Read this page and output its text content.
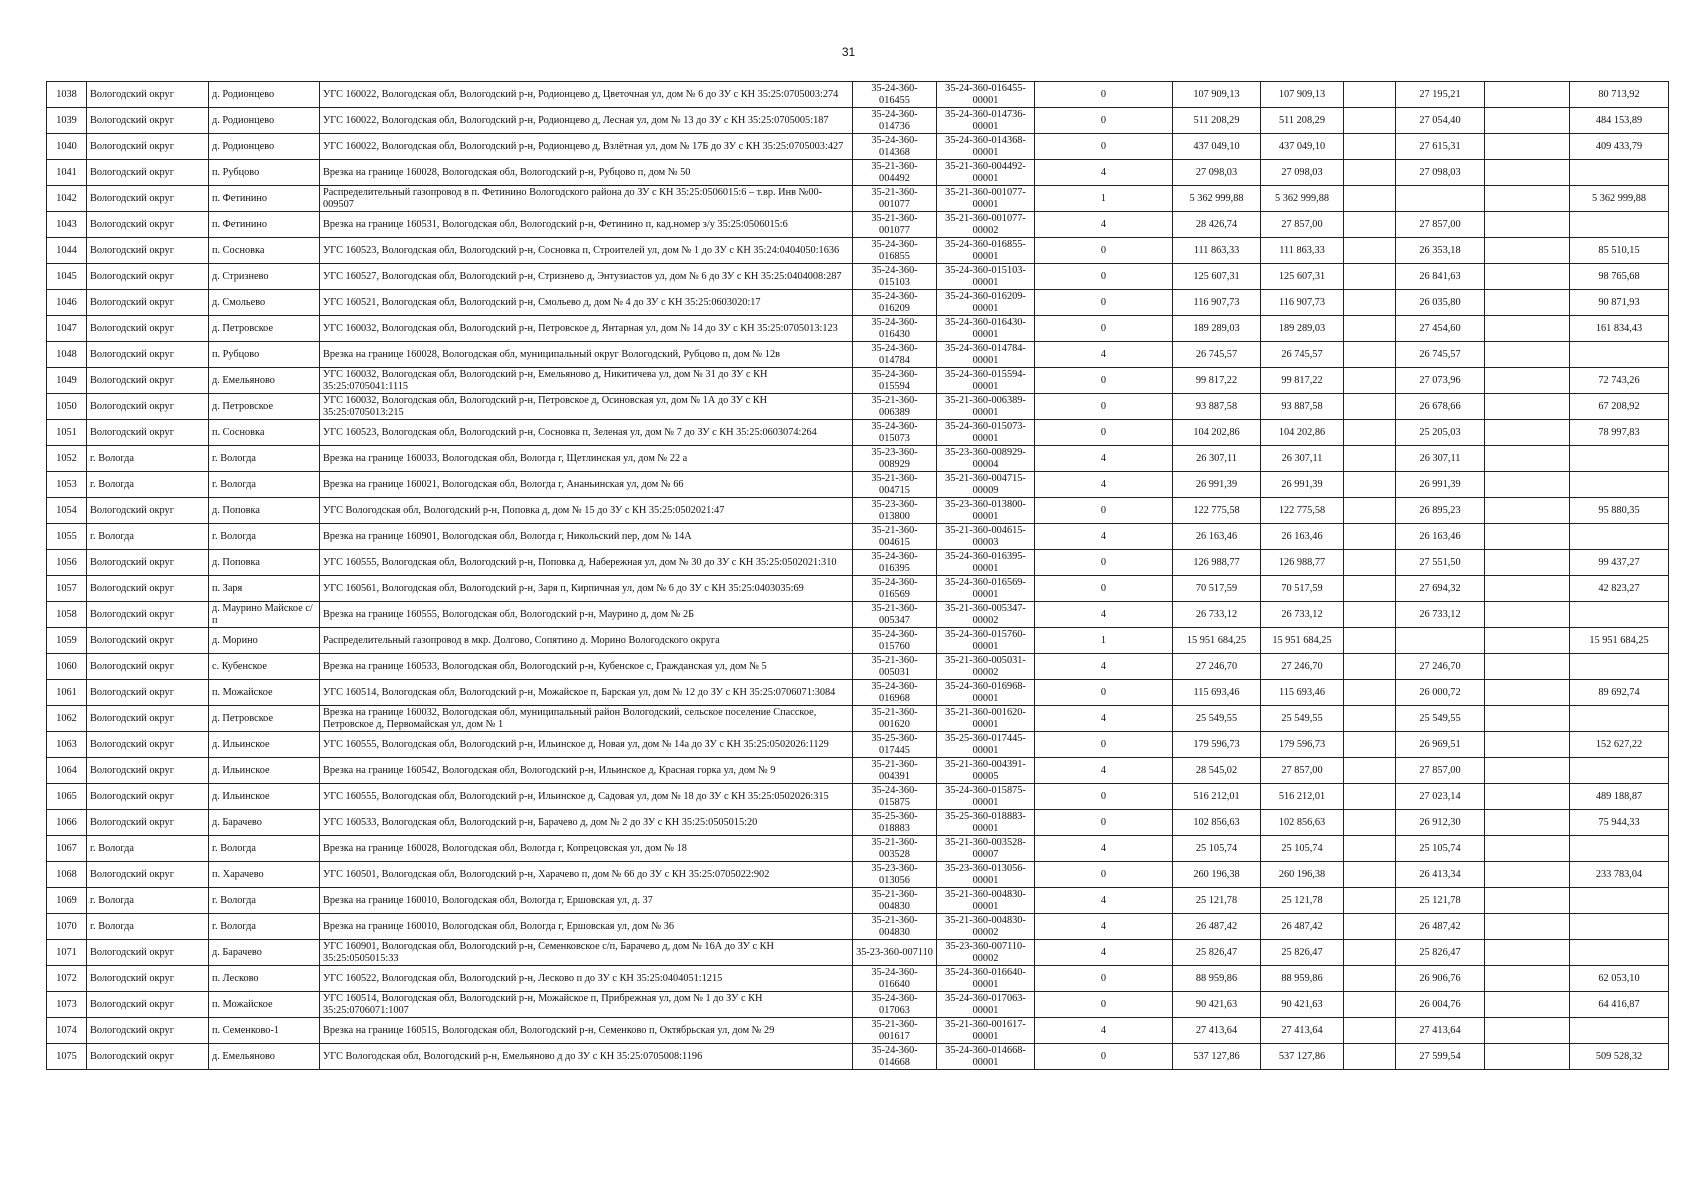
31
1038	Вологодский округ	д. Родионцево	УГС 160022, Вологодская обл, Вологодский р-н, Родионцево д, Цветочная ул, дом № 6 до ЗУ с КН 35:25:0705003:274	35-24-360-016455	35-24-360-016455-00001	0	107 909,13	107 909,13		27 195,21		80 713,92
1039	Вологодский округ	д. Родионцево	УГС 160022, Вологодская обл, Вологодский р-н, Родионцево д, Лесная ул, дом № 13 до ЗУ с КН 35:25:0705005:187	35-24-360-014736	35-24-360-014736-00001	0	511 208,29	511 208,29		27 054,40		484 153,89
1040	Вологодский округ	д. Родионцево	УГС 160022, Вологодская обл, Вологодский р-н, Родионцево д, Взлётная ул, дом № 17Б до ЗУ с КН 35:25:0705003:427	35-24-360-014368	35-24-360-014368-00001	0	437 049,10	437 049,10		27 615,31		409 433,79
1041	Вологодский округ	п. Рубцово	Врезка на границе 160028, Вологодская обл, Вологодский р-н, Рубцово п, дом № 50	35-21-360-004492	35-21-360-004492-00001	4	27 098,03	27 098,03		27 098,03		
1042	Вологодский округ	п. Фетинино	Распределительный газопровод в п. Фетинино Вологодского района до ЗУ с КН 35:25:0506015:6 – т.вр. Инв №00-009507	35-21-360-001077	35-21-360-001077-00001	1	5 362 999,88	5 362 999,88				5 362 999,88
1043	Вологодский округ	п. Фетинино	Врезка на границе 160531, Вологодская обл, Вологодский р-н, Фетинино п, кад.номер з/у 35:25:0506015:6	35-21-360-001077	35-21-360-001077-00002	4	28 426,74	27 857,00		27 857,00		
1044	Вологодский округ	п. Сосновка	УГС 160523, Вологодская обл, Вологодский р-н, Сосновка п, Строителей ул, дом № 1 до ЗУ с КН 35:24:0404050:1636	35-24-360-016855	35-24-360-016855-00001	0	111 863,33	111 863,33		26 353,18		85 510,15
1045	Вологодский округ	д. Стризнево	УГС 160527, Вологодская обл, Вологодский р-н, Стризнево д, Энтузиастов ул, дом № 6 до ЗУ с КН 35:25:0404008:287	35-24-360-015103	35-24-360-015103-00001	0	125 607,31	125 607,31		26 841,63		98 765,68
1046	Вологодский округ	д. Смольево	УГС 160521, Вологодская обл, Вологодский р-н, Смольево д, дом № 4 до ЗУ с КН 35:25:0603020:17	35-24-360-016209	35-24-360-016209-00001	0	116 907,73	116 907,73		26 035,80		90 871,93
1047	Вологодский округ	д. Петровское	УГС 160032, Вологодская обл, Вологодский р-н, Петровское д, Янтарная ул, дом № 14 до ЗУ с КН 35:25:0705013:123	35-24-360-016430	35-24-360-016430-00001	0	189 289,03	189 289,03		27 454,60		161 834,43
1048	Вологодский округ	п. Рубцово	Врезка на границе 160028, Вологодская обл, муниципальный округ Вологодский, Рубцово п, дом № 12в	35-24-360-014784	35-24-360-014784-00001	4	26 745,57	26 745,57		26 745,57		
1049	Вологодский округ	д. Емельяново	УГС 160032, Вологодская обл, Вологодский р-н, Емельяново д, Никитичева ул, дом № 31 до ЗУ с КН 35:25:0705041:1115	35-24-360-015594	35-24-360-015594-00001	0	99 817,22	99 817,22		27 073,96		72 743,26
1050	Вологодский округ	д. Петровское	УГС 160032, Вологодская обл, Вологодский р-н, Петровское д, Осиновская ул, дом № 1А до ЗУ с КН 35:25:0705013:215	35-21-360-006389	35-21-360-006389-00001	0	93 887,58	93 887,58		26 678,66		67 208,92
1051	Вологодский округ	п. Сосновка	УГС 160523, Вологодская обл, Вологодский р-н, Сосновка п, Зеленая ул, дом № 7 до ЗУ с КН 35:25:0603074:264	35-24-360-015073	35-24-360-015073-00001	0	104 202,86	104 202,86		25 205,03		78 997,83
1052	г. Вологда	г. Вологда	Врезка на границе 160033, Вологодская обл, Вологда г, Щетлинская ул, дом № 22 а	35-23-360-008929	35-23-360-008929-00004	4	26 307,11	26 307,11		26 307,11		
1053	г. Вологда	г. Вологда	Врезка на границе 160021, Вологодская обл, Вологда г, Ананьинская ул, дом № 66	35-21-360-004715	35-21-360-004715-00009	4	26 991,39	26 991,39		26 991,39		
1054	Вологодский округ	д. Поповка	УГС Вологодская обл, Вологодский р-н, Поповка д, дом № 15 до ЗУ с КН 35:25:0502021:47	35-23-360-013800	35-23-360-013800-00001	0	122 775,58	122 775,58		26 895,23		95 880,35
1055	г. Вологда	г. Вологда	Врезка на границе 160901, Вологодская обл, Вологда г, Никольский пер, дом № 14А	35-21-360-004615	35-21-360-004615-00003	4	26 163,46	26 163,46		26 163,46		
1056	Вологодский округ	д. Поповка	УГС 160555, Вологодская обл, Вологодский р-н, Поповка д, Набережная ул, дом № 30 до ЗУ с КН 35:25:0502021:310	35-24-360-016395	35-24-360-016395-00001	0	126 988,77	126 988,77		27 551,50		99 437,27
1057	Вологодский округ	п. Заря	УГС 160561, Вологодская обл, Вологодский р-н, Заря п, Кирпичная ул, дом № 6 до ЗУ с КН 35:25:0403035:69	35-24-360-016569	35-24-360-016569-00001	0	70 517,59	70 517,59		27 694,32		42 823,27
1058	Вологодский округ	д. Маурино Майское с/п	Врезка на границе 160555, Вологодская обл, Вологодский р-н, Маурино д, дом № 2Б	35-21-360-005347	35-21-360-005347-00002	4	26 733,12	26 733,12		26 733,12		
1059	Вологодский округ	д. Морино	Распределительный газопровод в мкр. Долгово, Сопятино д. Морино Вологодского округа	35-24-360-015760	35-24-360-015760-00001	1	15 951 684,25	15 951 684,25				15 951 684,25
1060	Вологодский округ	с. Кубенское	Врезка на границе 160533, Вологодская обл, Вологодский р-н, Кубенское с, Гражданская ул, дом № 5	35-21-360-005031	35-21-360-005031-00002	4	27 246,70	27 246,70		27 246,70		
1061	Вологодский округ	п. Можайское	УГС 160514, Вологодская обл, Вологодский р-н, Можайское п, Барская ул, дом № 12 до ЗУ с КН 35:25:0706071:3084	35-24-360-016968	35-24-360-016968-00001	0	115 693,46	115 693,46		26 000,72		89 692,74
1062	Вологодский округ	д. Петровское	Врезка на границе 160032, Вологодская обл, муниципальный район Вологодский, сельское поселение Спасское, Петровское д, Первомайская ул, дом № 1	35-21-360-001620	35-21-360-001620-00001	4	25 549,55	25 549,55		25 549,55		
1063	Вологодский округ	д. Ильинское	УГС 160555, Вологодская обл, Вологодский р-н, Ильинское д, Новая ул, дом № 14а до ЗУ с КН 35:25:0502026:1129	35-25-360-017445	35-25-360-017445-00001	0	179 596,73	179 596,73		26 969,51		152 627,22
1064	Вологодский округ	д. Ильинское	Врезка на границе 160542, Вологодская обл, Вологодский р-н, Ильинское д, Красная горка ул, дом № 9	35-21-360-004391	35-21-360-004391-00005	4	28 545,02	27 857,00		27 857,00		
1065	Вологодский округ	д. Ильинское	УГС 160555, Вологодская обл, Вологодский р-н, Ильинское д, Садовая ул, дом № 18 до ЗУ с КН 35:25:0502026:315	35-24-360-015875	35-24-360-015875-00001	0	516 212,01	516 212,01		27 023,14		489 188,87
1066	Вологодский округ	д. Барачево	УГС 160533, Вологодская обл, Вологодский р-н, Барачево д, дом № 2 до ЗУ с КН 35:25:0505015:20	35-25-360-018883	35-25-360-018883-00001	0	102 856,63	102 856,63		26 912,30		75 944,33
1067	г. Вологда	г. Вологда	Врезка на границе 160028, Вологодская обл, Вологда г, Копрецовская ул, дом № 18	35-21-360-003528	35-21-360-003528-00007	4	25 105,74	25 105,74		25 105,74		
1068	Вологодский округ	п. Харачево	УГС 160501, Вологодская обл, Вологодский р-н, Харачево п, дом № 66 до ЗУ с КН 35:25:0705022:902	35-23-360-013056	35-23-360-013056-00001	0	260 196,38	260 196,38		26 413,34		233 783,04
1069	г. Вологда	г. Вологда	Врезка на границе 160010, Вологодская обл, Вологда г, Ершовская ул, д. 37	35-21-360-004830	35-21-360-004830-00001	4	25 121,78	25 121,78		25 121,78		
1070	г. Вологда	г. Вологда	Врезка на границе 160010, Вологодская обл, Вологда г, Ершовская ул, дом № 36	35-21-360-004830	35-21-360-004830-00002	4	26 487,42	26 487,42		26 487,42		
1071	Вологодский округ	д. Барачево	УГС 160901, Вологодская обл, Вологодский р-н, Семенковское с/п, Барачево д, дом № 16А до ЗУ с КН 35:25:0505015:33	35-23-360-007110	35-23-360-007110-00002	4	25 826,47	25 826,47		25 826,47		
1072	Вологодский округ	п. Лесково	УГС 160522, Вологодская обл, Вологодский р-н, Лесково п до ЗУ с КН 35:25:0404051:1215	35-24-360-016640	35-24-360-016640-00001	0	88 959,86	88 959,86		26 906,76		62 053,10
1073	Вологодский округ	п. Можайское	УГС 160514, Вологодская обл, Вологодский р-н, Можайское п, Прибрежная ул, дом № 1 до ЗУ с КН 35:25:0706071:1007	35-24-360-017063	35-24-360-017063-00001	0	90 421,63	90 421,63		26 004,76		64 416,87
1074	Вологодский округ	п. Семенково-1	Врезка на границе 160515, Вологодская обл, Вологодский р-н, Семенково п, Октябрьская ул, дом № 29	35-21-360-001617	35-21-360-001617-00001	4	27 413,64	27 413,64		27 413,64		
1075	Вологодский округ	д. Емельяново	УГС Вологодская обл, Вологодский р-н, Емельяново д до ЗУ с КН 35:25:0705008:1196	35-24-360-014668	35-24-360-014668-00001	0	537 127,86	537 127,86		27 599,54		509 528,32
